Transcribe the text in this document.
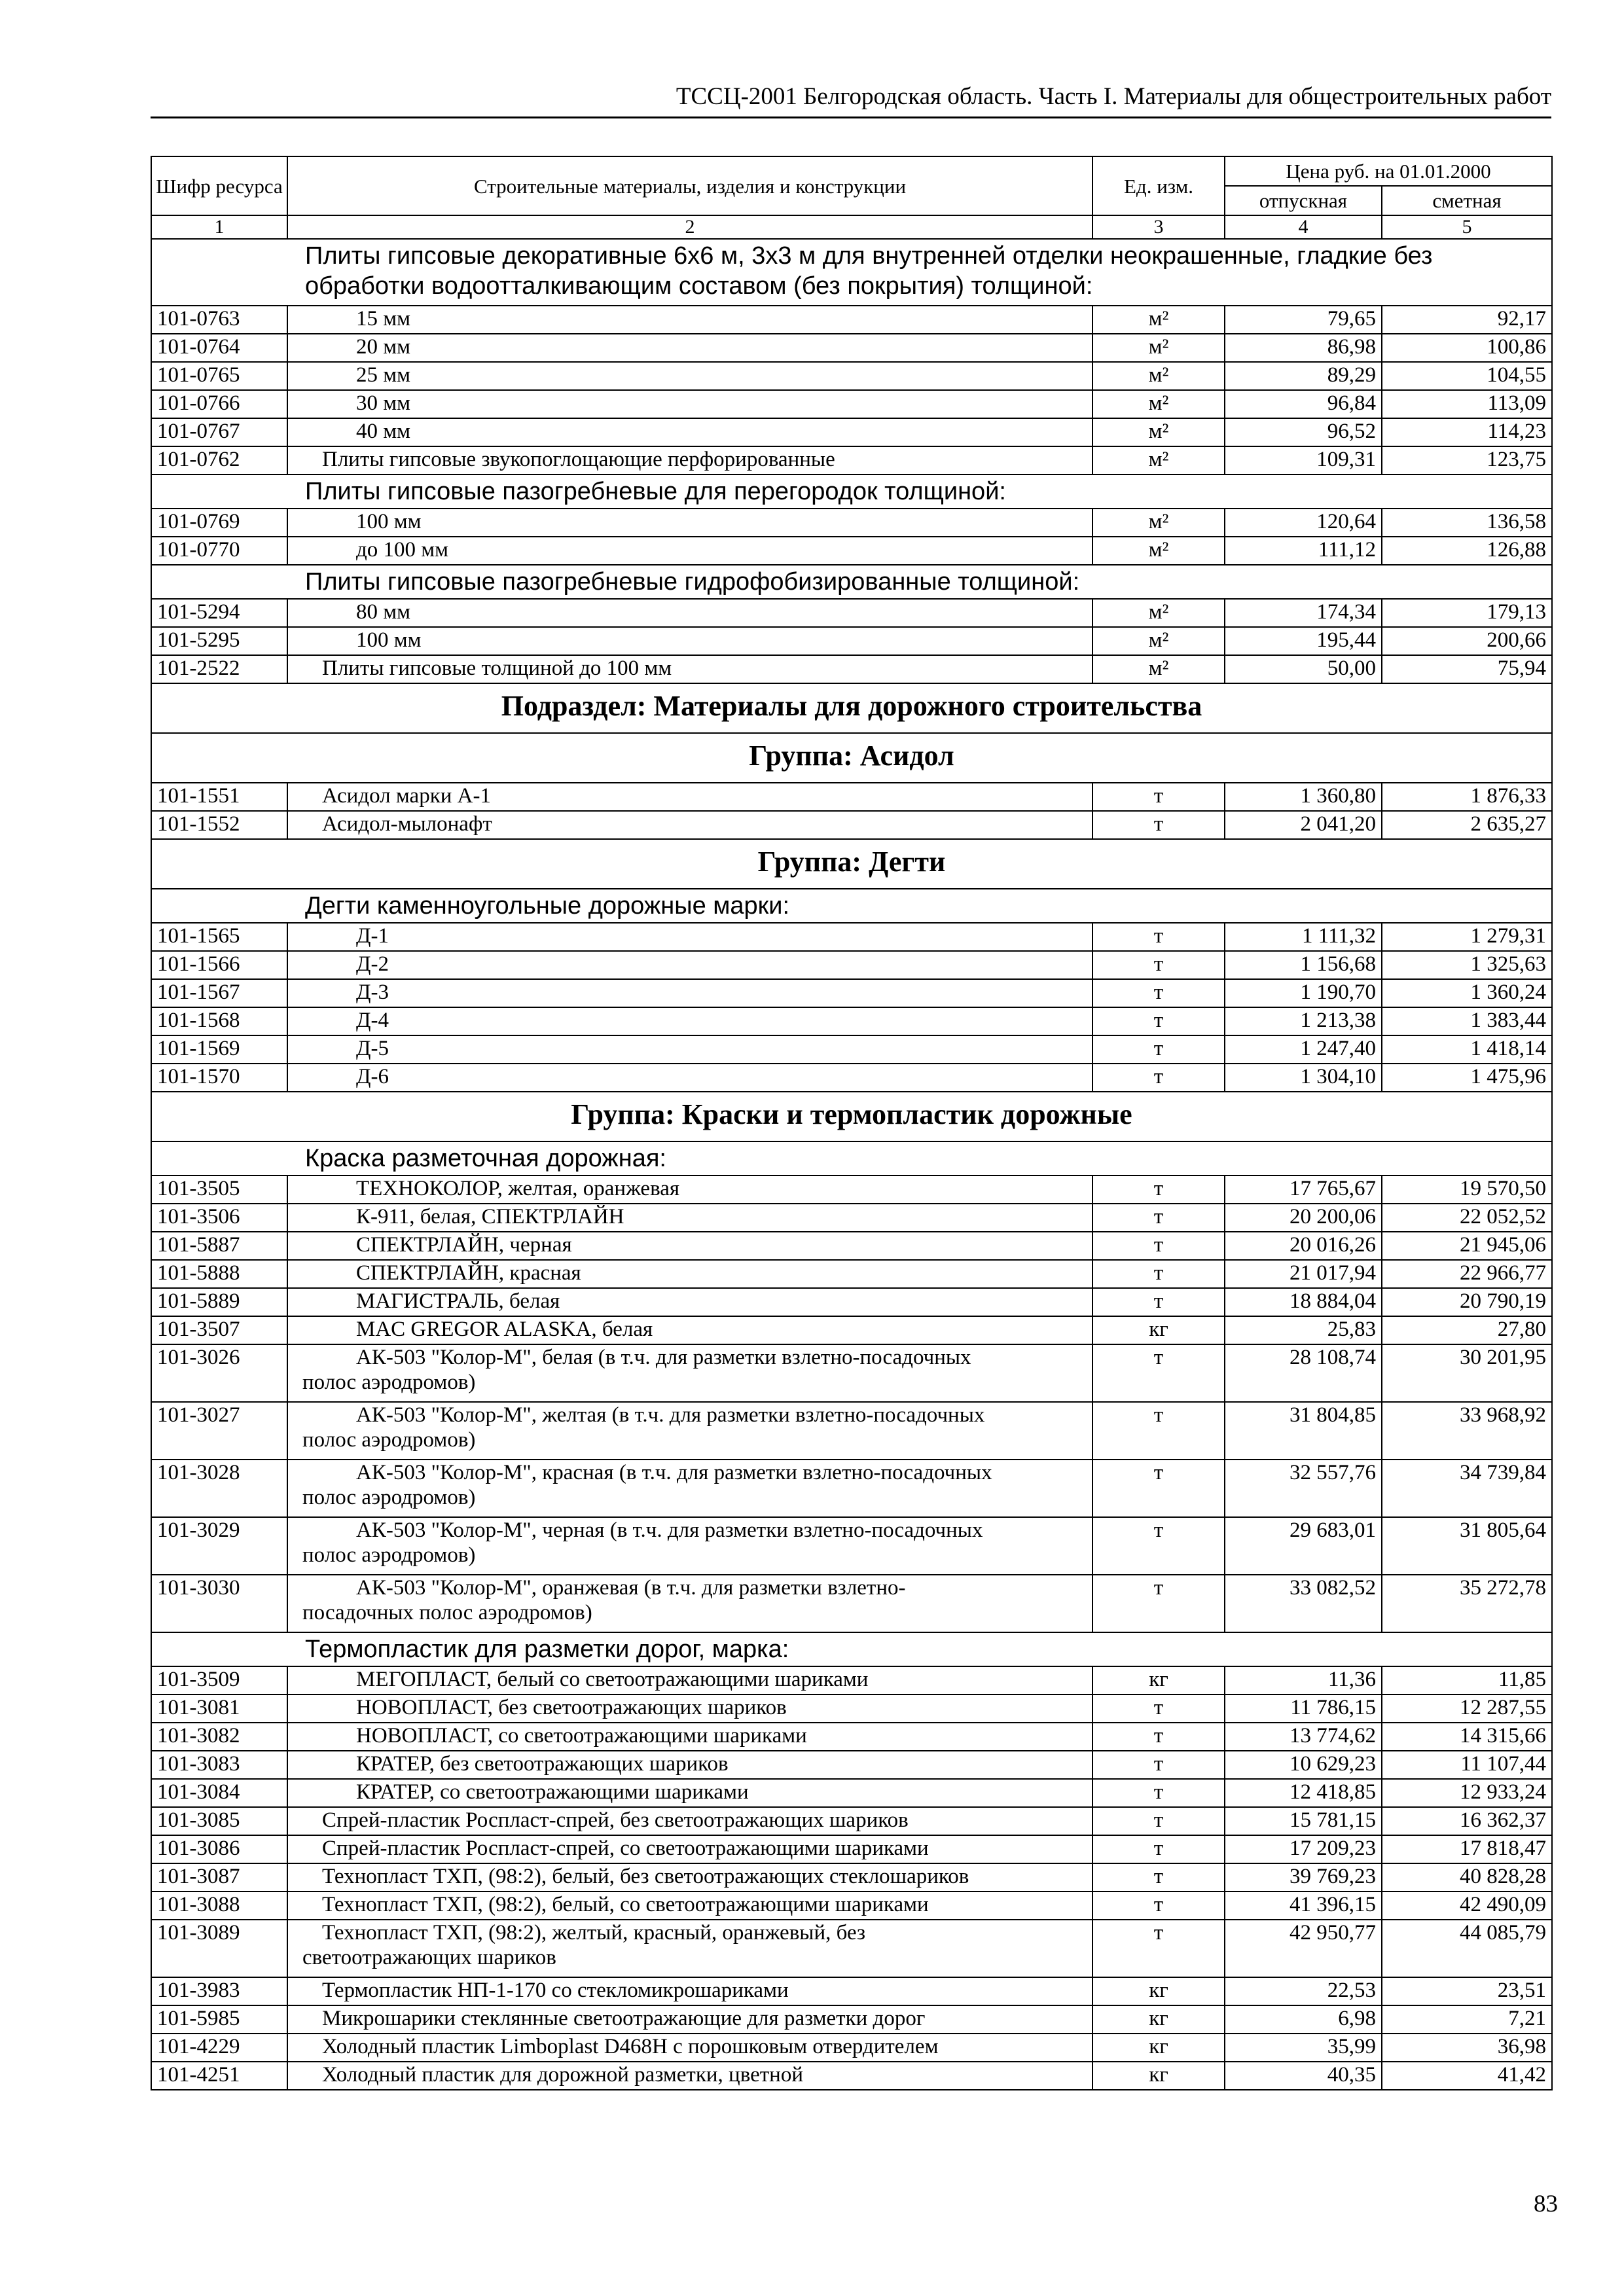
ТССЦ-2001 Белгородская область. Часть I. Материалы для общестроительных работ
Шифр ресурса	Строительные материалы, изделия и конструкции	Ед. изм.	Цена руб. на 01.01.2000	
			отпускная	сметная
1	2	3	4	5

Плиты гипсовые декоративные 6х6 м, 3х3 м для внутренней отделки неокрашенные, гладкие без обработки водоотталкивающим составом (без покрытия) толщиной:				

101-0763	15 мм	м²	79,65	92,17
101-0764	20 мм	м²	86,98	100,86
101-0765	25 мм	м²	89,29	104,55
101-0766	30 мм	м²	96,84	113,09
101-0767	40 мм	м²	96,52	114,23
101-0762	Плиты гипсовые звукопоглощающие перфорированные	м²	109,31	123,75

Плиты гипсовые пазогребневые для перегородок толщиной:				

101-0769	100 мм	м²	120,64	136,58
101-0770	до 100 мм	м²	111,12	126,88

Плиты гипсовые пазогребневые гидрофобизированные толщиной:				

101-5294	80 мм	м²	174,34	179,13
101-5295	100 мм	м²	195,44	200,66
101-2522	Плиты гипсовые толщиной до 100 мм	м²	50,00	75,94
Подраздел: Материалы для дорожного строительства				
Группа: Асидол				
101-1551	Асидол марки А-1	т	1 360,80	1 876,33
101-1552	Асидол-мылонафт	т	2 041,20	2 635,27
Группа: Дегти				

Дегти каменноугольные дорожные марки:				

101-1565	Д-1	т	1 111,32	1 279,31
101-1566	Д-2	т	1 156,68	1 325,63
101-1567	Д-3	т	1 190,70	1 360,24
101-1568	Д-4	т	1 213,38	1 383,44
101-1569	Д-5	т	1 247,40	1 418,14
101-1570	Д-6	т	1 304,10	1 475,96
Группа: Краски и термопластик дорожные				

Краска разметочная дорожная:				

101-3505	ТЕХНОКОЛОР, желтая, оранжевая	т	17 765,67	19 570,50
101-3506	К-911, белая, СПЕКТРЛАЙН	т	20 200,06	22 052,52
101-5887	СПЕКТРЛАЙН, черная	т	20 016,26	21 945,06
101-5888	СПЕКТРЛАЙН, красная	т	21 017,94	22 966,77
101-5889	МАГИСТРАЛЬ, белая	т	18 884,04	20 790,19
101-3507	MAC GREGOR ALASKA, белая	кг	25,83	27,80
101-3026	АК-503 "Колор-М", белая (в т.ч. для разметки взлетно-посадочных
полос аэродромов)	т	28 108,74	30 201,95
101-3027	АК-503 "Колор-М", желтая (в т.ч. для разметки взлетно-посадочных
полос аэродромов)	т	31 804,85	33 968,92
101-3028	АК-503 "Колор-М", красная (в т.ч. для разметки взлетно-посадочных
полос аэродромов)	т	32 557,76	34 739,84
101-3029	АК-503 "Колор-М", черная (в т.ч. для разметки взлетно-посадочных
полос аэродромов)	т	29 683,01	31 805,64
101-3030	АК-503 "Колор-М", оранжевая (в т.ч. для разметки взлетно-
посадочных полос аэродромов)	т	33 082,52	35 272,78

Термопластик для разметки дорог, марка:				

101-3509	МЕГОПЛАСТ, белый со светоотражающими шариками	кг	11,36	11,85
101-3081	НОВОПЛАСТ, без светоотражающих шариков	т	11 786,15	12 287,55
101-3082	НОВОПЛАСТ, со светоотражающими шариками	т	13 774,62	14 315,66
101-3083	КРАТЕР, без светоотражающих шариков	т	10 629,23	11 107,44
101-3084	КРАТЕР, со светоотражающими шариками	т	12 418,85	12 933,24
101-3085	Спрей-пластик Роспласт-спрей, без светоотражающих шариков	т	15 781,15	16 362,37
101-3086	Спрей-пластик Роспласт-спрей, со светоотражающими шариками	т	17 209,23	17 818,47
101-3087	Технопласт ТХП, (98:2), белый, без светоотражающих стеклошариков	т	39 769,23	40 828,28
101-3088	Технопласт ТХП, (98:2), белый, со светоотражающими шариками	т	41 396,15	42 490,09
101-3089	Технопласт ТХП, (98:2), желтый, красный, оранжевый, без
светоотражающих шариков	т	42 950,77	44 085,79
101-3983	Термопластик НП-1-170 со стекломикрошариками	кг	22,53	23,51
101-5985	Микрошарики стеклянные светоотражающие для разметки дорог	кг	6,98	7,21
101-4229	Холодный пластик Limboplast D468H с порошковым отвердителем	кг	35,99	36,98
101-4251	Холодный пластик для дорожной разметки, цветной	кг	40,35	41,42
83
